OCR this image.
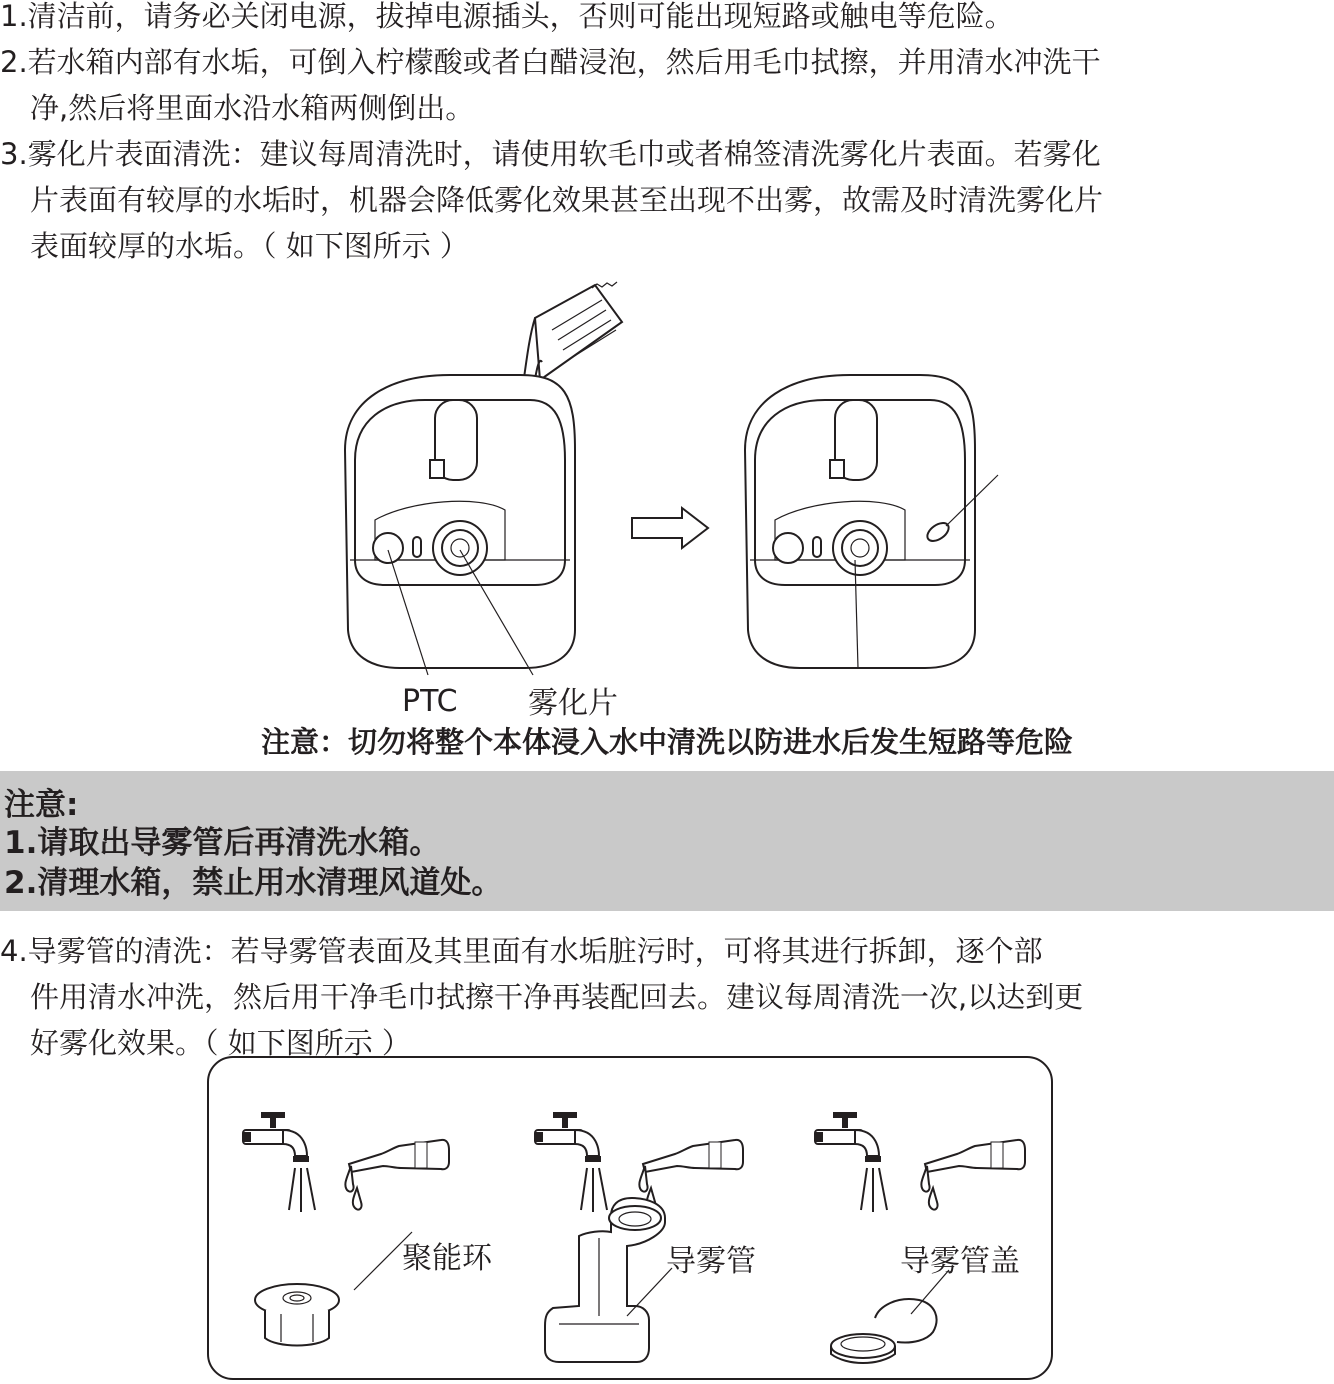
1.清洁前，请务必关闭电源，拔掉电源插头，否则可能出现短路或触电等危险。
2.若水箱内部有水垢，可倒入柠檬酸或者白醋浸泡，然后用毛巾拭擦，并用清水冲洗干
净,然后将里面水沿水箱两侧倒出。
3.雾化片表面清洗：建议每周清洗时，请使用软毛巾或者棉签清洗雾化片表面。若雾化
片表面有较厚的水垢时，机器会降低雾化效果甚至出现不出雾，故需及时清洗雾化片
表面较厚的水垢。（ 如下图所示 ）
PTC 雾化片
注意：切勿将整个本体浸入水中清洗以防进水后发生短路等危险
注意:
1.请取出导雾管后再清洗水箱。
2.清理水箱，禁止用水清理风道处。
4.导雾管的清洗：若导雾管表面及其里面有水垢脏污时，可将其进行拆卸，逐个部
件用清水冲洗，然后用干净毛巾拭擦干净再装配回去。建议每周清洗一次,以达到更
好雾化效果。（ 如下图所示 ）
聚能环	导雾管	导雾管盖
